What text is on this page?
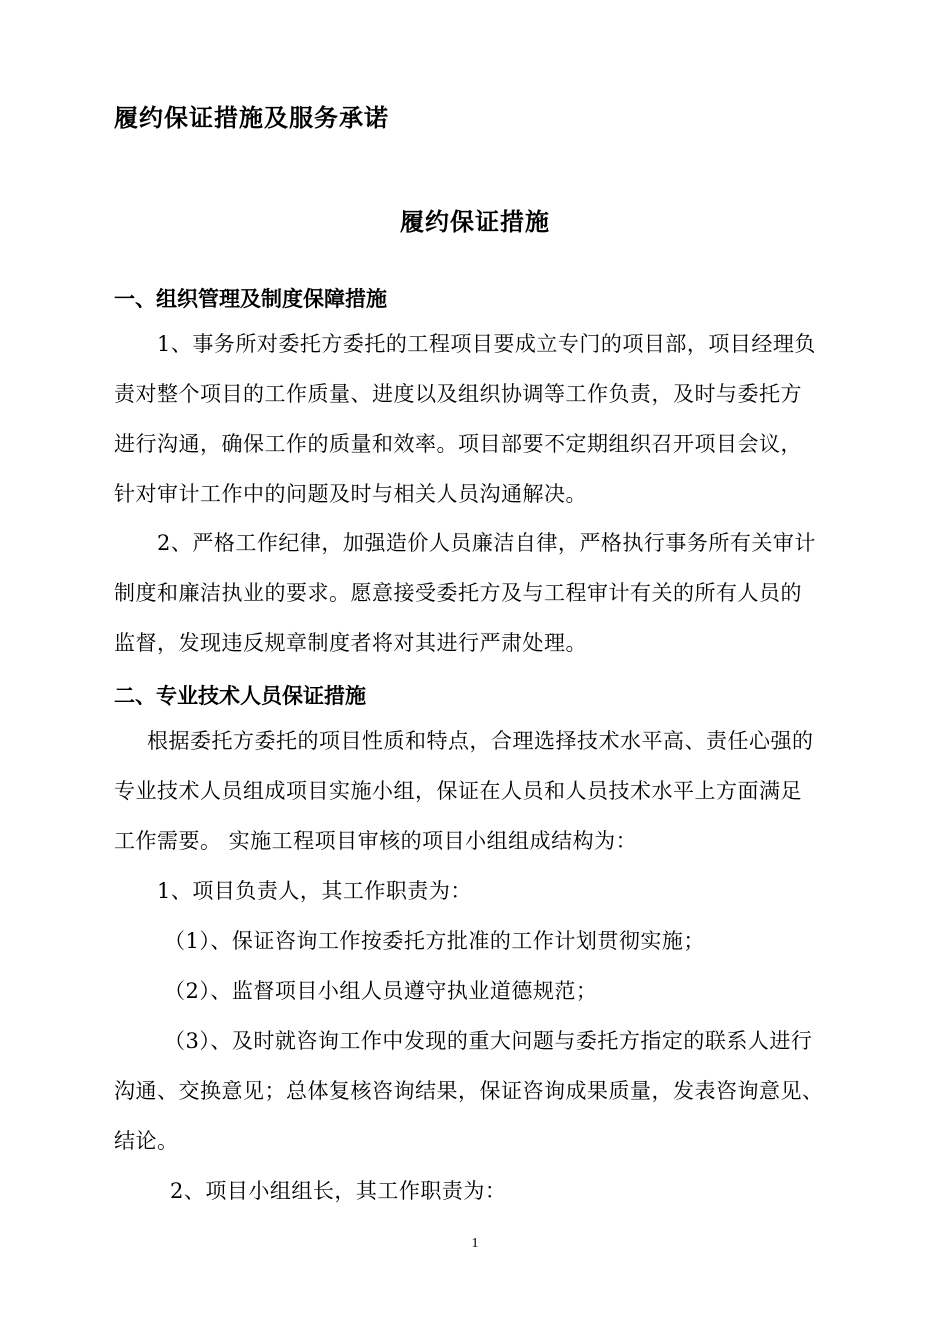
履约保证措施及服务承诺
履约保证措施
一、组织管理及制度保障措施
1、事务所对委托方委托的工程项目要成立专门的项目部，项目经理负
责对整个项目的工作质量、进度以及组织协调等工作负责，及时与委托方
进行沟通，确保工作的质量和效率。项目部要不定期组织召开项目会议，
针对审计工作中的问题及时与相关人员沟通解决。
2、严格工作纪律，加强造价人员廉洁自律，严格执行事务所有关审计
制度和廉洁执业的要求。愿意接受委托方及与工程审计有关的所有人员的
监督，发现违反规章制度者将对其进行严肃处理。
二、专业技术人员保证措施
根据委托方委托的项目性质和特点，合理选择技术水平高、责任心强的
专业技术人员组成项目实施小组，保证在人员和人员技术水平上方面满足
工作需要。 实施工程项目审核的项目小组组成结构为：
1、项目负责人，其工作职责为：
（1）、保证咨询工作按委托方批准的工作计划贯彻实施；
（2）、监督项目小组人员遵守执业道德规范；
（3）、及时就咨询工作中发现的重大问题与委托方指定的联系人进行
沟通、交换意见；总体复核咨询结果，保证咨询成果质量，发表咨询意见、
结论。
2、项目小组组长，其工作职责为：
1
